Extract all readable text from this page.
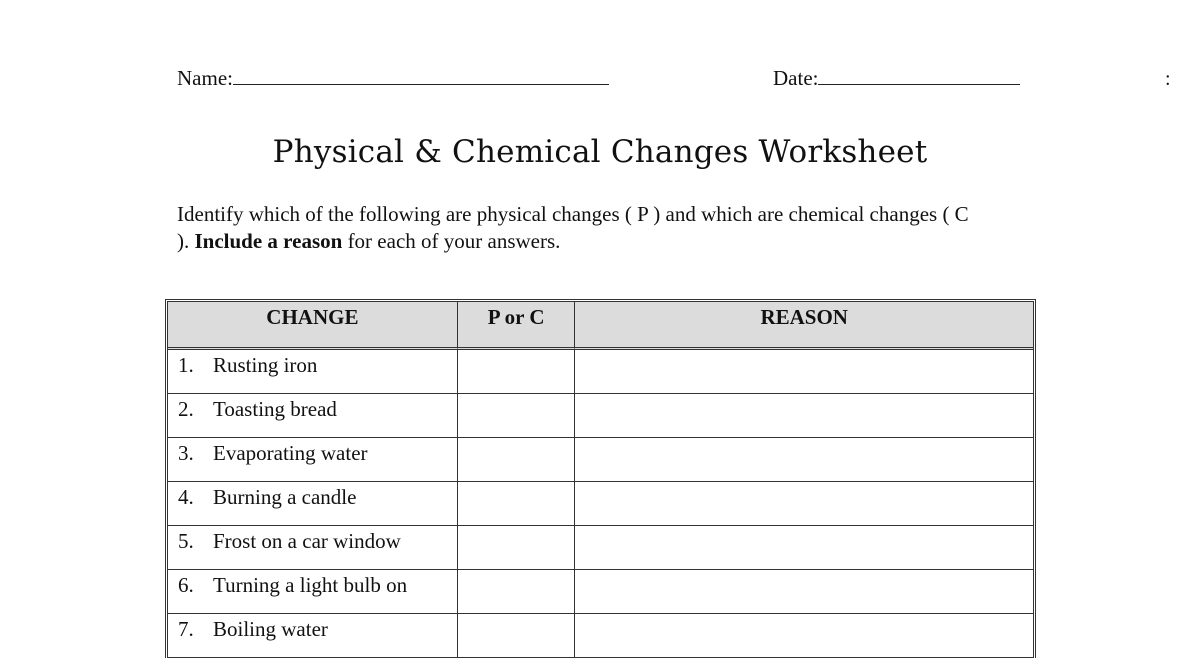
Name:	Date:	:
Physical & Chemical Changes Worksheet
Identify which of the following are physical changes ( P ) and which are chemical changes ( C ). Include a reason for each of your answers.
CHANGE	P or C	REASON
1. Rusting iron		
2. Toasting bread		
3. Evaporating water		
4. Burning a candle		
5. Frost on a car window		
6. Turning a light bulb on		
7. Boiling water		
